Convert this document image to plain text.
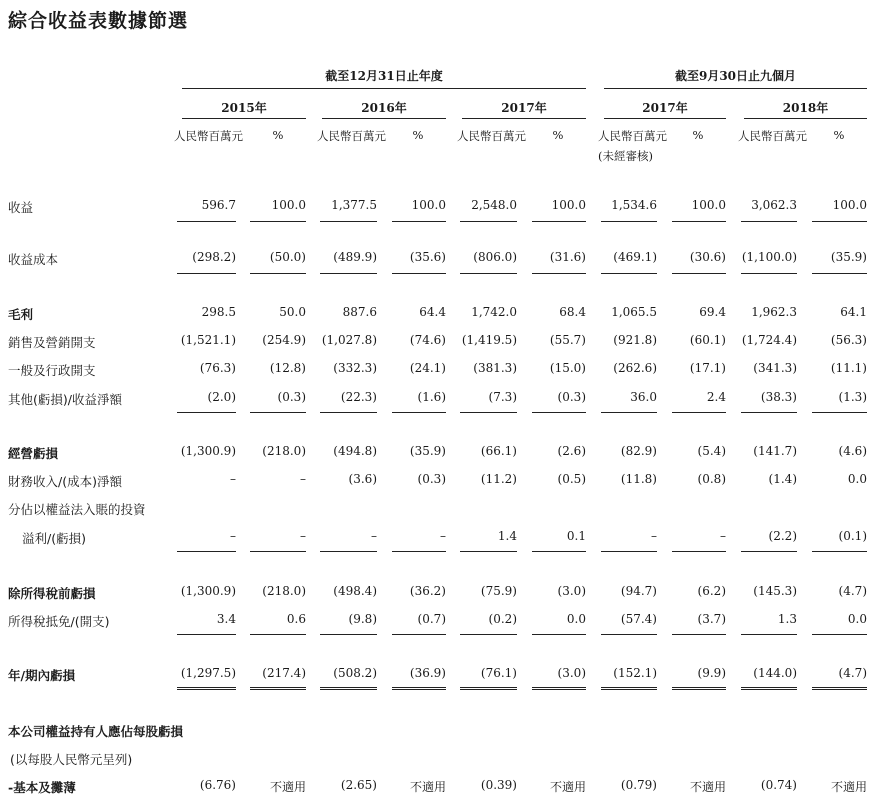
綜合收益表數據節選
截至12月31日止年度	截至9月30日止九個月
2015年	2016年	2017年	2017年	2018年
人民幣百萬元	%	人民幣百萬元	%	人民幣百萬元	%	人民幣百萬元	%	人民幣百萬元	%
(未經審核)
收益	596.7	100.0 1,377.5	100.0 2,548.0	100.0 1,534.6	100.0 3,062.3	100.0
收益成本	(298.2)	(50.0) (489.9)	(35.6) (806.0)	(31.6) (469.1)	(30.6) (1,100.0)	(35.9)
毛利	298.5	50.0	887.6	64.4 1,742.0	68.4 1,065.5	69.4 1,962.3	64.1
銷售及營銷開支	(1,521.1) (254.9) (1,027.8)	(74.6) (1,419.5)	(55.7) (921.8)	(60.1) (1,724.4)	(56.3)
一般及行政開支	(76.3)	(12.8) (332.3)	(24.1) (381.3)	(15.0) (262.6)	(17.1) (341.3)	(11.1)
其他(虧損)/收益淨額	(2.0)	(0.3)	(22.3)	(1.6)	(7.3)	(0.3)	36.0	2.4	(38.3)	(1.3)
經營虧損	(1,300.9) (218.0) (494.8)	(35.9)	(66.1)	(2.6)	(82.9)	(5.4) (141.7)	(4.6)
財務收入/(成本)淨額	–	–	(3.6)	(0.3)	(11.2)	(0.5)	(11.8)	(0.8)	(1.4)	0.0
分佔以權益法入賬的投資
溢利/(虧損)	–	–	–	–	1.4	0.1	–	–	(2.2)	(0.1)
除所得稅前虧損	(1,300.9) (218.0) (498.4)	(36.2)	(75.9)	(3.0)	(94.7)	(6.2) (145.3)	(4.7)
所得稅抵免/(開支)	3.4	0.6	(9.8)	(0.7)	(0.2)	0.0	(57.4)	(3.7)	1.3	0.0
年/期內虧損	(1,297.5) (217.4) (508.2)	(36.9)	(76.1)	(3.0) (152.1)	(9.9) (144.0)	(4.7)
本公司權益持有人應佔每股虧損
(以每股人民幣元呈列)
-基本及攤薄	(6.76)	不適用	(2.65)	不適用	(0.39)	不適用	(0.79)	不適用	(0.74)	不適用
